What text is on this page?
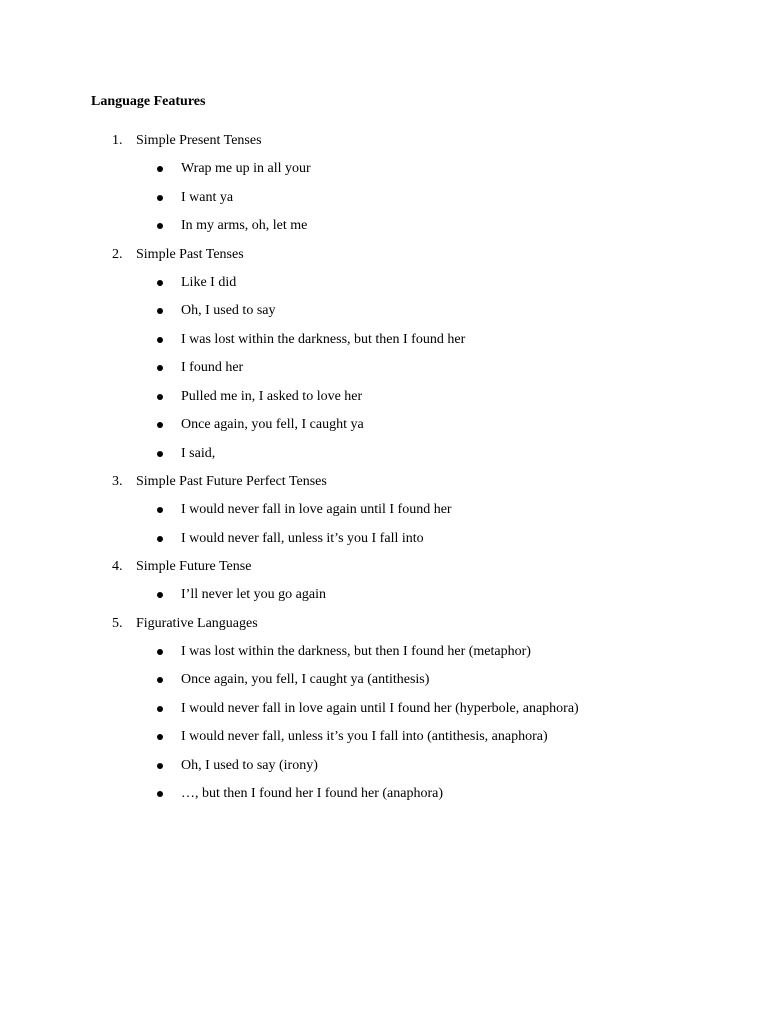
Language Features
1. Simple Present Tenses
Wrap me up in all your
I want ya
In my arms, oh, let me
2. Simple Past Tenses
Like I did
Oh, I used to say
I was lost within the darkness, but then I found her
I found her
Pulled me in, I asked to love her
Once again, you fell, I caught ya
I said,
3. Simple Past Future Perfect Tenses
I would never fall in love again until I found her
I would never fall, unless it’s you I fall into
4. Simple Future Tense
I’ll never let you go again
5. Figurative Languages
I was lost within the darkness, but then I found her (metaphor)
Once again, you fell, I caught ya (antithesis)
I would never fall in love again until I found her (hyperbole, anaphora)
I would never fall, unless it’s you I fall into (antithesis, anaphora)
Oh, I used to say (irony)
…, but then I found her I found her (anaphora)
